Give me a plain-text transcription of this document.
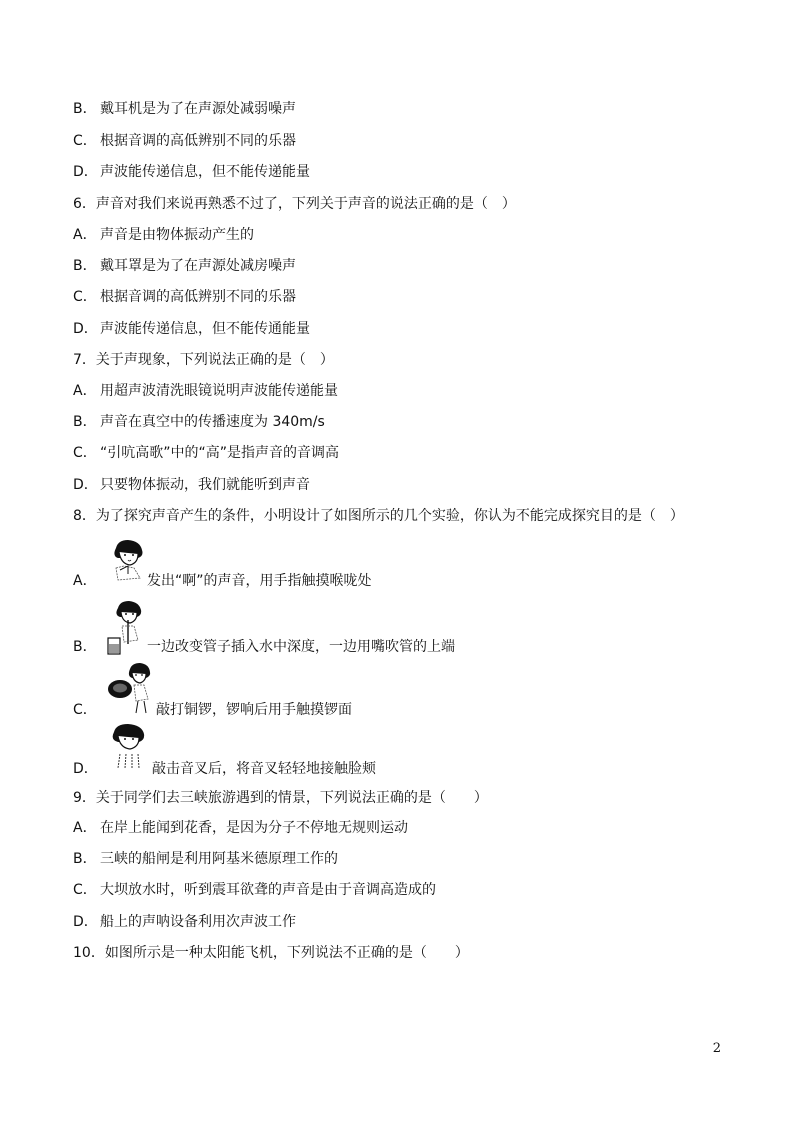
B． 戴耳机是为了在声源处减弱噪声
C． 根据音调的高低辨别不同的乐器
D． 声波能传递信息，但不能传递能量
6．声音对我们来说再熟悉不过了，下列关于声音的说法正确的是（　）
A． 声音是由物体振动产生的
B． 戴耳罩是为了在声源处减房噪声
C． 根据音调的高低辨别不同的乐器
D． 声波能传递信息，但不能传通能量
7．关于声现象，下列说法正确的是（　）
A． 用超声波清洗眼镜说明声波能传递能量
B． 声音在真空中的传播速度为 340m/s
C． “引吭高歌”中的“高”是指声音的音调高
D． 只要物体振动，我们就能听到声音
8．为了探究声音产生的条件，小明设计了如图所示的几个实验，你认为不能完成探究目的是（　）
A．	发出“啊”的声音，用手指触摸喉咙处
B．	一边改变管子插入水中深度，一边用嘴吹管的上端
C．	敲打铜锣，锣响后用手触摸锣面
D．	敲击音叉后，将音叉轻轻地接触脸颊
9．关于同学们去三峡旅游遇到的情景，下列说法正确的是（　　）
A． 在岸上能闻到花香，是因为分子不停地无规则运动
B． 三峡的船闸是利用阿基米德原理工作的
C． 大坝放水时，听到震耳欲聋的声音是由于音调高造成的
D． 船上的声呐设备利用次声波工作
10．如图所示是一种太阳能飞机，下列说法不正确的是（　　）
2
